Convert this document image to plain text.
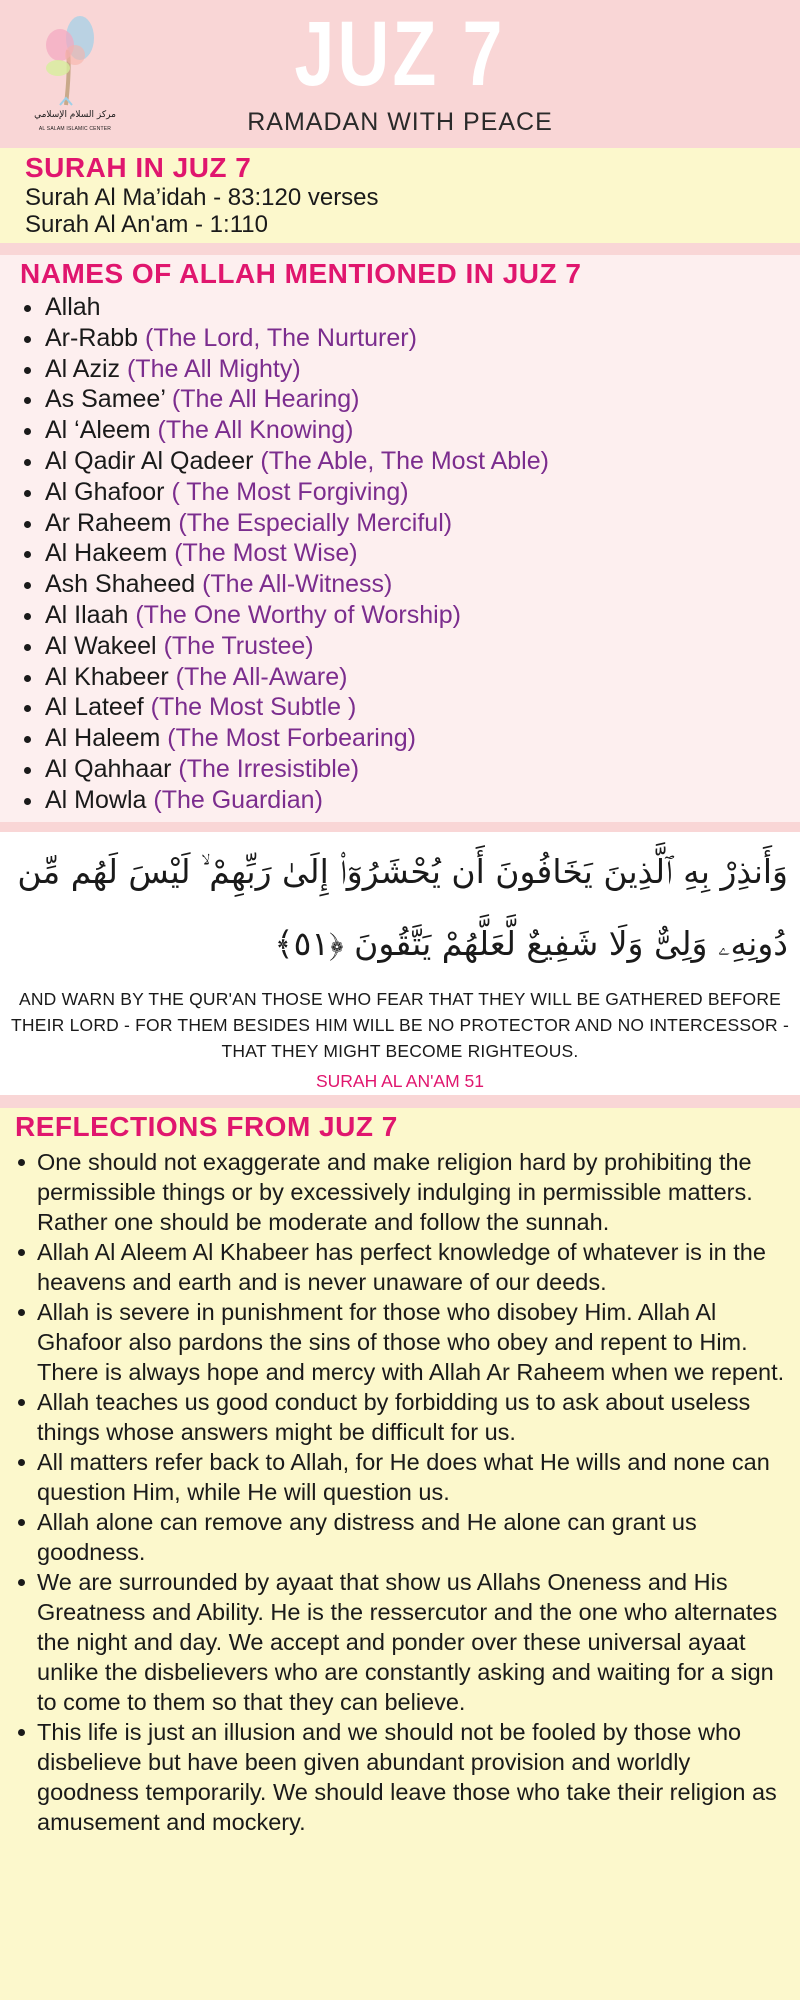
مركز السلام الإسلامي
AL SALAM ISLAMIC CENTER
JUZ 7
RAMADAN WITH PEACE
SURAH IN JUZ 7
Surah Al Ma’idah - 83:120 verses
Surah Al An'am - 1:110
NAMES OF ALLAH MENTIONED IN JUZ 7
Allah
Ar-Rabb (The Lord, The Nurturer)
Al Aziz (The All Mighty)
As Samee’ (The All Hearing)
Al ‘Aleem (The All Knowing)
Al Qadir Al Qadeer (The Able, The Most Able)
Al Ghafoor ( The Most Forgiving)
Ar Raheem (The Especially Merciful)
Al Hakeem (The Most Wise)
Ash Shaheed (The All-Witness)
Al Ilaah (The One Worthy of Worship)
Al Wakeel (The Trustee)
Al Khabeer (The All-Aware)
Al Lateef (The Most Subtle )
Al Haleem (The Most Forbearing)
Al Qahhaar (The Irresistible)
Al Mowla (The Guardian)
وَأَنذِرْ بِهِ ٱلَّذِينَ يَخَافُونَ أَن يُحْشَرُوٓا۟ إِلَىٰ رَبِّهِمْ ۙ لَيْسَ لَهُم مِّن
دُونِهِۦ وَلِىٌّ وَلَا شَفِيعٌ لَّعَلَّهُمْ يَتَّقُونَ ﴿٥١﴾
AND WARN BY THE QUR'AN THOSE WHO FEAR THAT THEY WILL BE GATHERED BEFORE THEIR LORD - FOR THEM BESIDES HIM WILL BE NO PROTECTOR AND NO INTERCESSOR - THAT THEY MIGHT BECOME RIGHTEOUS.
SURAH AL AN'AM 51
REFLECTIONS FROM JUZ 7
One should not exaggerate and make religion hard by prohibiting the permissible things or by excessively indulging in permissible matters. Rather one should be moderate and follow the sunnah.
Allah Al Aleem Al Khabeer has perfect knowledge of whatever is in the heavens and earth and is never unaware of our deeds.
Allah is severe in punishment for those who disobey Him. Allah Al Ghafoor also pardons the sins of those who obey and repent to Him. There is always hope and mercy with Allah Ar Raheem when we repent.
Allah teaches us good conduct by forbidding us to ask about useless things whose answers might be difficult for us.
All matters refer back to Allah, for He does what He wills and none can question Him, while He will question us.
Allah alone can remove any distress and He alone can grant us goodness.
We are surrounded by ayaat that show us Allahs Oneness and His Greatness and Ability. He is the ressercutor and the one who alternates the night and day. We accept and ponder over these universal ayaat unlike the disbelievers who are constantly asking and waiting for a sign to come to them so that they can believe.
This life is just an illusion and we should not be fooled by those who disbelieve but have been given abundant provision and worldly goodness temporarily. We should leave those who take their religion as amusement and mockery.
